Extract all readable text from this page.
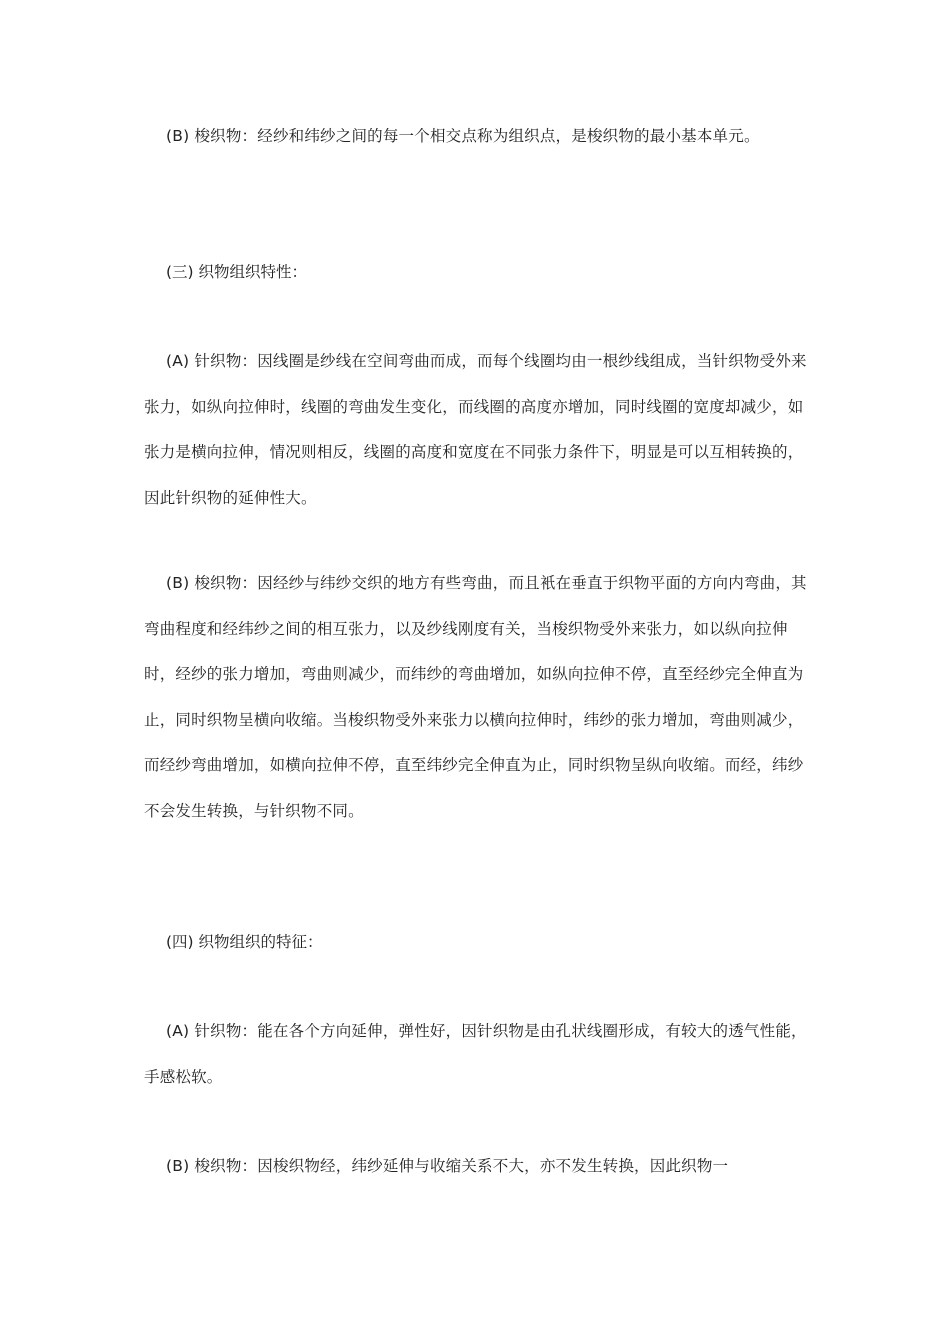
(B) 梭织物：经纱和纬纱之间的每一个相交点称为组织点，是梭织物的最小基本单元。

(三) 织物组织特性：

(A) 针织物：因线圈是纱线在空间弯曲而成，而每个线圈均由一根纱线组成，当针织物受外来张力，如纵向拉伸时，线圈的弯曲发生变化，而线圈的高度亦增加，同时线圈的宽度却减少，如张力是横向拉伸，情况则相反，线圈的高度和宽度在不同张力条件下，明显是可以互相转换的，因此针织物的延伸性大。

(B) 梭织物：因经纱与纬纱交织的地方有些弯曲，而且衹在垂直于织物平面的方向内弯曲，其弯曲程度和经纬纱之间的相互张力，以及纱线刚度有关，当梭织物受外来张力，如以纵向拉伸时，经纱的张力增加，弯曲则减少，而纬纱的弯曲增加，如纵向拉伸不停，直至经纱完全伸直为止，同时织物呈横向收缩。当梭织物受外来张力以横向拉伸时，纬纱的张力增加，弯曲则减少，而经纱弯曲增加，如横向拉伸不停，直至纬纱完全伸直为止，同时织物呈纵向收缩。而经，纬纱不会发生转换，与针织物不同。

(四) 织物组织的特征：

(A) 针织物：能在各个方向延伸，弹性好，因针织物是由孔状线圈形成，有较大的透气性能，手感松软。

(B) 梭织物：因梭织物经，纬纱延伸与收缩关系不大，亦不发生转换，因此织物一
